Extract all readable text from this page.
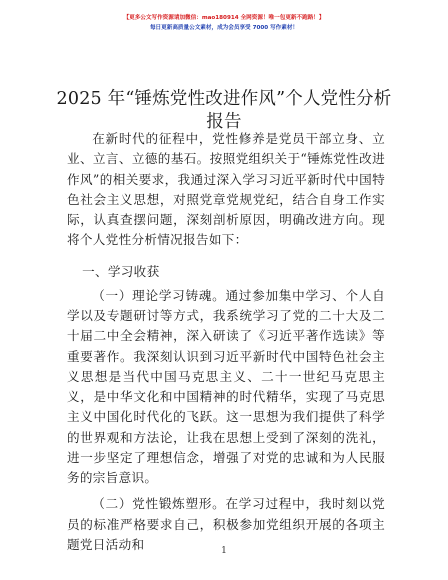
【更多公文写作资源请加微信：mao180914 全网资源！唯一包更新不跑路！】
每日更新高质量公文素材，成为会员享受 7000 写作素材！
2025 年“锤炼党性改进作风”个人党性分析报告

在新时代的征程中，党性修养是党员干部立身、立业、立言、立德的基石。按照党组织关于“锤炼党性改进作风”的相关要求，我通过深入学习习近平新时代中国特色社会主义思想，对照党章党规党纪，结合自身工作实际，认真查摆问题，深刻剖析原因，明确改进方向。现将个人党性分析情况报告如下：

一、学习收获

（一）理论学习铸魂。通过参加集中学习、个人自学以及专题研讨等方式，我系统学习了党的二十大及二十届二中全会精神，深入研读了《习近平著作选读》等重要著作。我深刻认识到习近平新时代中国特色社会主义思想是当代中国马克思主义、二十一世纪马克思主义，是中华文化和中国精神的时代精华，实现了马克思主义中国化时代化的飞跃。这一思想为我们提供了科学的世界观和方法论，让我在思想上受到了深刻的洗礼，进一步坚定了理想信念，增强了对党的忠诚和为人民服务的宗旨意识。

（二）党性锻炼塑形。在学习过程中，我时刻以党员的标准严格要求自己，积极参加党组织开展的各项主题党日活动和	1
